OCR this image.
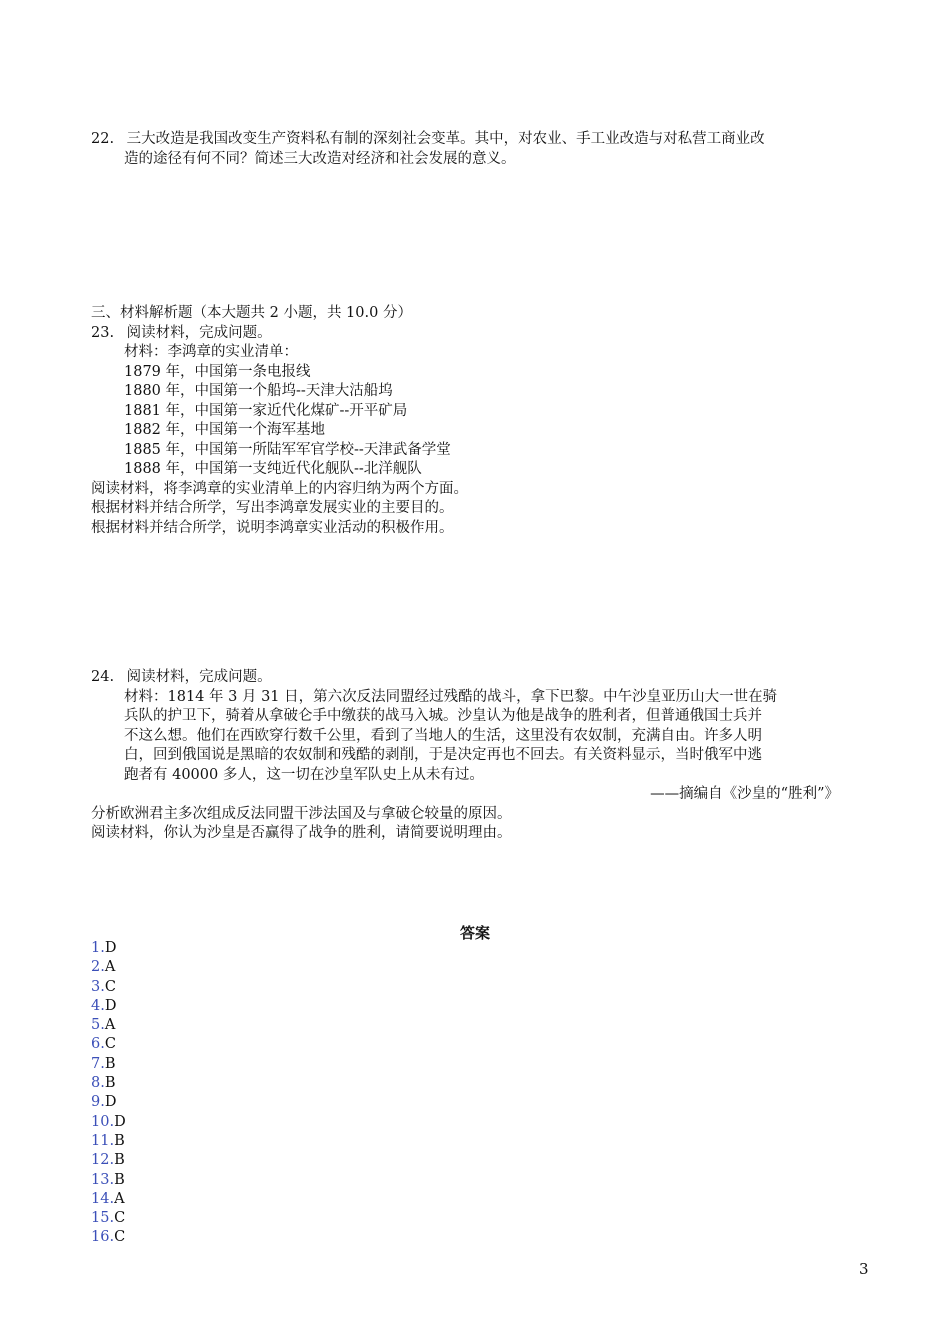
22. 三大改造是我国改变生产资料私有制的深刻社会变革。其中，对农业、手工业改造与对私营工商业改
造的途径有何不同？简述三大改造对经济和社会发展的意义。
三、材料解析题（本大题共 2 小题，共 10.0 分）
23. 阅读材料，完成问题。
材料：李鸿章的实业清单：
1879 年，中国第一条电报线
1880 年，中国第一个船坞--天津大沽船坞
1881 年，中国第一家近代化煤矿--开平矿局
1882 年，中国第一个海军基地
1885 年，中国第一所陆军军官学校--天津武备学堂
1888 年，中国第一支纯近代化舰队--北洋舰队
阅读材料，将李鸿章的实业清单上的内容归纳为两个方面。
根据材料并结合所学，写出李鸿章发展实业的主要目的。
根据材料并结合所学，说明李鸿章实业活动的积极作用。
24. 阅读材料，完成问题。
材料：1814 年 3 月 31 日，第六次反法同盟经过残酷的战斗，拿下巴黎。中午沙皇亚历山大一世在骑
兵队的护卫下，骑着从拿破仑手中缴获的战马入城。沙皇认为他是战争的胜利者，但普通俄国士兵并
不这么想。他们在西欧穿行数千公里，看到了当地人的生活，这里没有农奴制，充满自由。许多人明
白，回到俄国说是黑暗的农奴制和残酷的剥削，于是决定再也不回去。有关资料显示，当时俄军中逃
跑者有 40000 多人，这一切在沙皇军队史上从未有过。
——摘编自《沙皇的“胜利”》
分析欧洲君主多次组成反法同盟干涉法国及与拿破仑较量的原因。
阅读材料，你认为沙皇是否赢得了战争的胜利，请简要说明理由。
答案
1.D
2.A
3.C
4.D
5.A
6.C
7.B
8.B
9.D
10.D
11.B
12.B
13.B
14.A
15.C
16.C
3
